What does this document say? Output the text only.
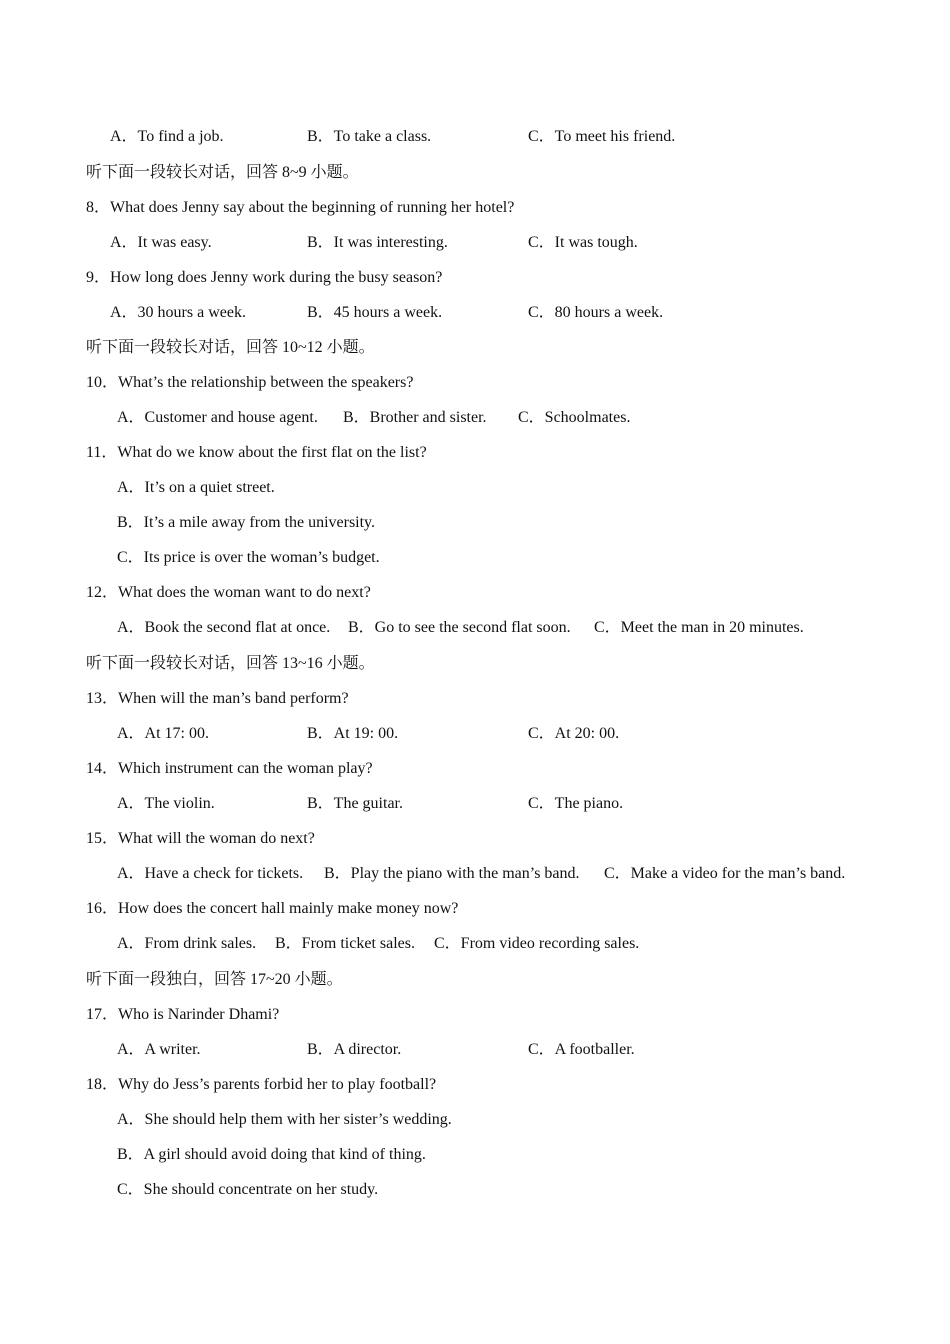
A．To find a job.	B．To take a class.	C．To meet his friend.
听下面一段较长对话，回答 8~9 小题。
8．What does Jenny say about the beginning of running her hotel?
A．It was easy.	B．It was interesting.	C．It was tough.
9．How long does Jenny work during the busy season?
A．30 hours a week.	B．45 hours a week.	C．80 hours a week.
听下面一段较长对话，回答 10~12 小题。
10．What’s the relationship between the speakers?
A．Customer and house agent. B．Brother and sister. C．Schoolmates.
11．What do we know about the first flat on the list?
A．It’s on a quiet street.
B．It’s a mile away from the university.
C．Its price is over the woman’s budget.
12．What does the woman want to do next?
A．Book the second flat at once. B．Go to see the second flat soon. C．Meet the man in 20 minutes.
听下面一段较长对话，回答 13~16 小题。
13．When will the man’s band perform?
A．At 17: 00.	B．At 19: 00.	C．At 20: 00.
14．Which instrument can the woman play?
A．The violin.	B．The guitar.	C．The piano.
15．What will the woman do next?
A．Have a check for tickets. B．Play the piano with the man’s band. C．Make a video for the man’s band.
16．How does the concert hall mainly make money now?
A．From drink sales. B．From ticket sales. C．From video recording sales.
听下面一段独白，回答 17~20 小题。
17．Who is Narinder Dhami?
A．A writer.	B．A director.	C．A footballer.
18．Why do Jess’s parents forbid her to play football?
A．She should help them with her sister’s wedding.
B．A girl should avoid doing that kind of thing.
C．She should concentrate on her study.
